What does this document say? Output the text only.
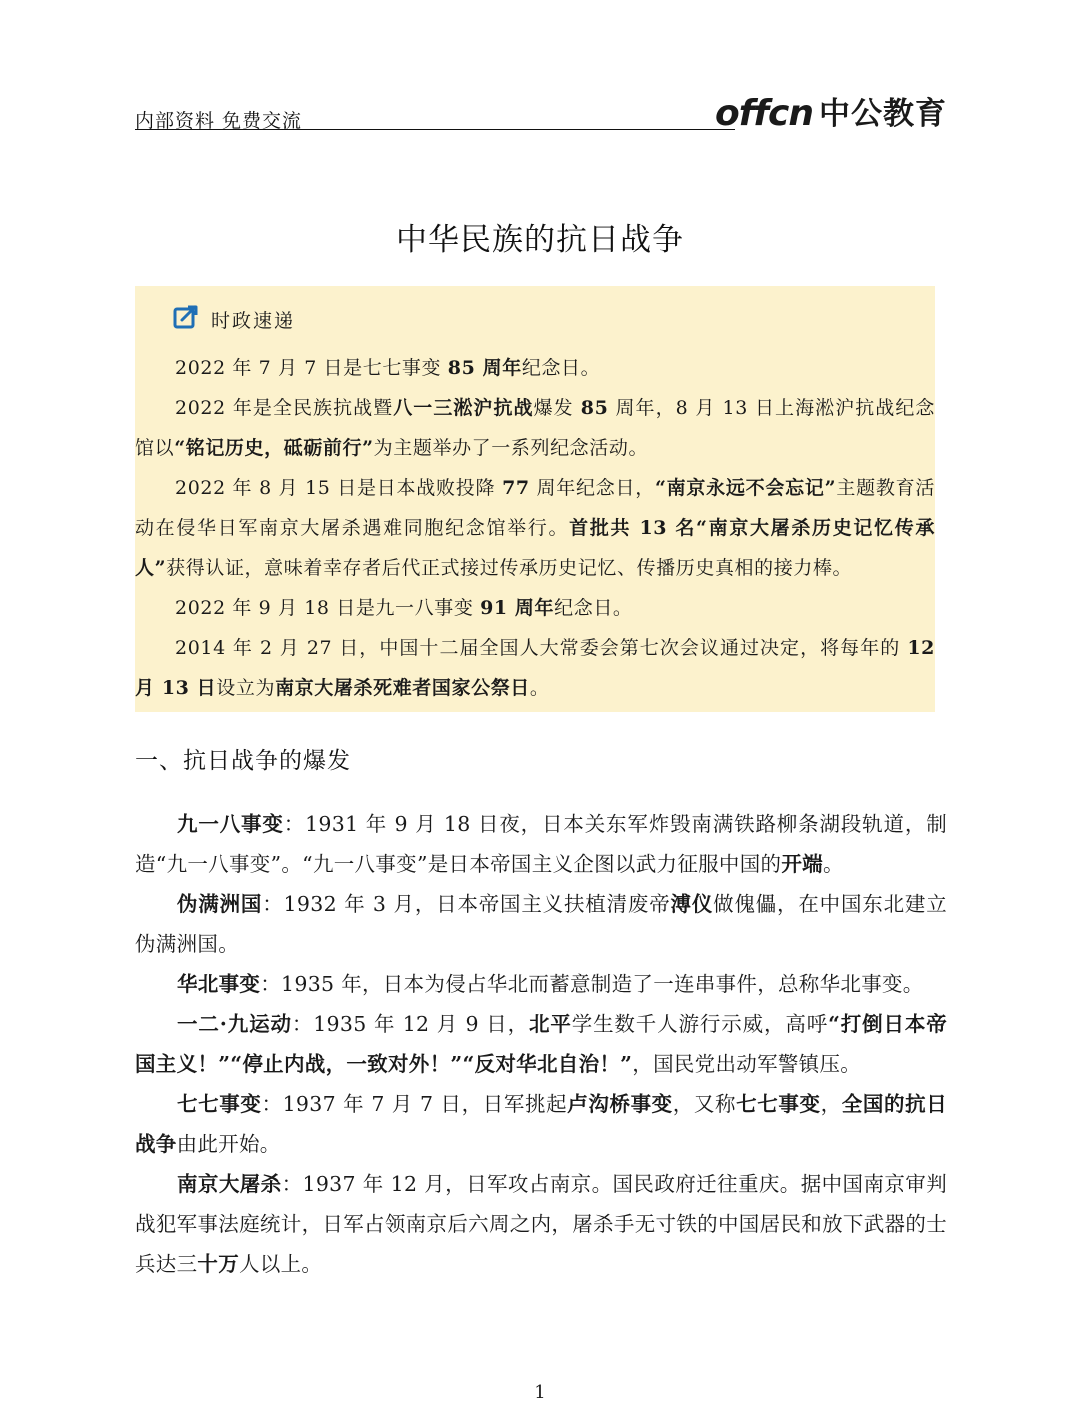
内部资料 免费交流	offcn 中公教育
中华民族的抗日战争
时政速递

2022 年 7 月 7 日是七七事变 85 周年纪念日。

2022 年是全民族抗战暨八一三淞沪抗战爆发 85 周年，8 月 13 日上海淞沪抗战纪念馆以“铭记历史，砥砺前行”为主题举办了一系列纪念活动。

2022 年 8 月 15 日是日本战败投降 77 周年纪念日，“南京永远不会忘记”主题教育活动在侵华日军南京大屠杀遇难同胞纪念馆举行。首批共 13 名“南京大屠杀历史记忆传承人”获得认证，意味着幸存者后代正式接过传承历史记忆、传播历史真相的接力棒。

2022 年 9 月 18 日是九一八事变 91 周年纪念日。

2014 年 2 月 27 日，中国十二届全国人大常委会第七次会议通过决定，将每年的 12 月 13 日设立为南京大屠杀死难者国家公祭日。

一、抗日战争的爆发

九一八事变：1931 年 9 月 18 日夜，日本关东军炸毁南满铁路柳条湖段轨道，制造“九一八事变”。“九一八事变”是日本帝国主义企图以武力征服中国的开端。

伪满洲国：1932 年 3 月，日本帝国主义扶植清废帝溥仪做傀儡，在中国东北建立伪满洲国。

华北事变：1935 年，日本为侵占华北而蓄意制造了一连串事件，总称华北事变。

一二·九运动：1935 年 12 月 9 日，北平学生数千人游行示威，高呼“打倒日本帝国主义！”“停止内战，一致对外！”“反对华北自治！”，国民党出动军警镇压。

七七事变：1937 年 7 月 7 日，日军挑起卢沟桥事变，又称七七事变，全国的抗日战争由此开始。

南京大屠杀：1937 年 12 月，日军攻占南京。国民政府迁往重庆。据中国南京审判战犯军事法庭统计，日军占领南京后六周之内，屠杀手无寸铁的中国居民和放下武器的士兵达三十万人以上。

1
